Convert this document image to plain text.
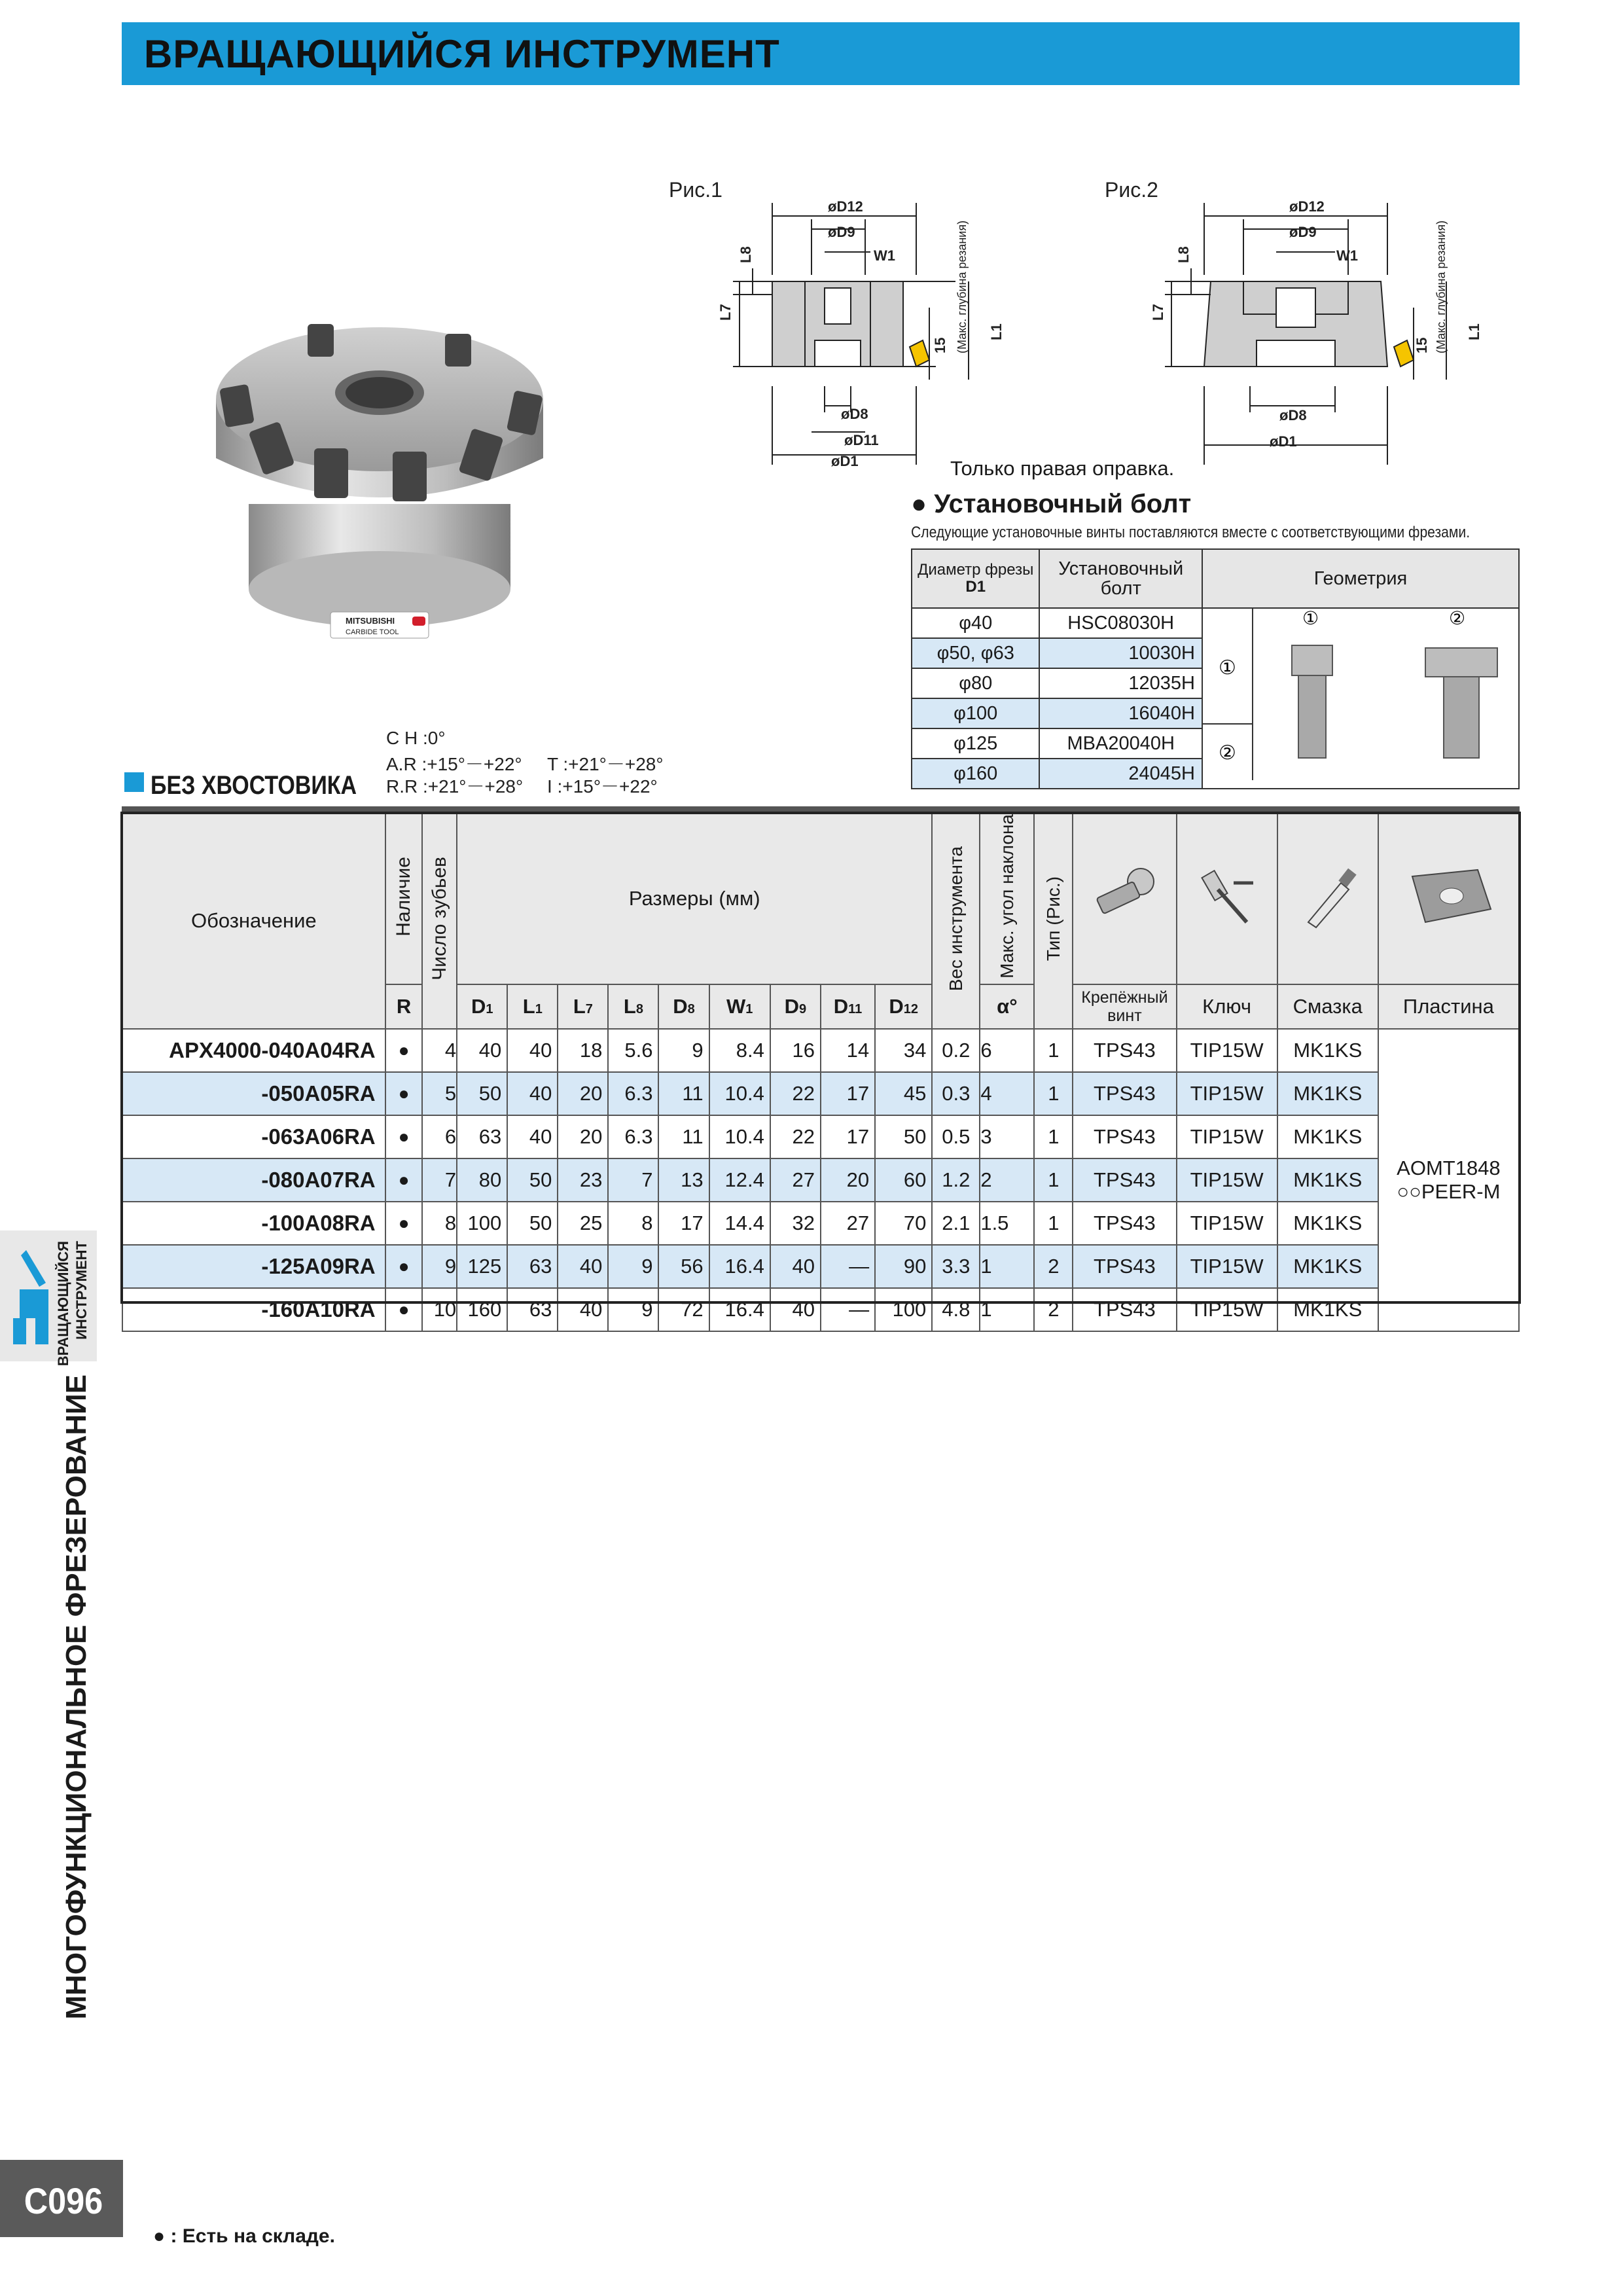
ВРАЩАЮЩИЙСЯ ИНСТРУМЕНТ
MITSUBISHI
CARBIDE TOOL
Рис.1
øD12
øD9
W1
øD8
øD11
øD1
L7
L8
L1
15 (Макс. глубина резания)
Рис.2
øD12
øD9
W1
øD8
øD1
L7
L8
L1
15 (Макс. глубина резания)
Только правая оправка.
● Установочный болт
Следующие установочные винты поставляются вместе с соответствующими фрезами.
Диаметр фрезы
D1	Установочный болт	Геометрия
φ40	HSC08030H	①
②
① ②

φ50, φ63	10030H	
φ80	12035H	
φ100	16040H	
φ125	MBA20040H	
φ160	24045H	
C H :0°
A.R :+15°－+22° T :+21°－+28°
R.R :+21°－+28° I :+15°－+22°
БЕЗ ХВОСТОВИКА
Обозначение	Наличие	Число зубьев	Размеры (мм)									Вес инструмента	Макс. угол наклона	Тип (Рис.)				
	R		D1	L1	L7	L8	D8	W1	D9	D11	D12		α°		Крепёжный винт	Ключ	Смазка	Пластина
APX4000-040A04RA	●	4	40	40	18	5.6	9	8.4	16	14	34	0.2	6	1	TPS43	TIP15W	MK1KS	AOMT1848
○○PEER-M

-050A05RA	●	5	50	40	20	6.3	11	10.4	22	17	45	0.3	4	1	TPS43	TIP15W	MK1KS	
-063A06RA	●	6	63	40	20	6.3	11	10.4	22	17	50	0.5	3	1	TPS43	TIP15W	MK1KS	
-080A07RA	●	7	80	50	23	7	13	12.4	27	20	60	1.2	2	1	TPS43	TIP15W	MK1KS	
-100A08RA	●	8	100	50	25	8	17	14.4	32	27	70	2.1	1.5	1	TPS43	TIP15W	MK1KS	
-125A09RA	●	9	125	63	40	9	56	16.4	40	—	90	3.3	1	2	TPS43	TIP15W	MK1KS	
-160A10RA	●	10	160	63	40	9	72	16.4	40	—	100	4.8	1	2	TPS43	TIP15W	MK1KS	
ВРАЩАЮЩИЙСЯ ИНСТРУМЕНТ
МНОГОФУНКЦИОНАЛЬНОЕ ФРЕЗЕРОВАНИЕ
C096
● : Есть на складе.
